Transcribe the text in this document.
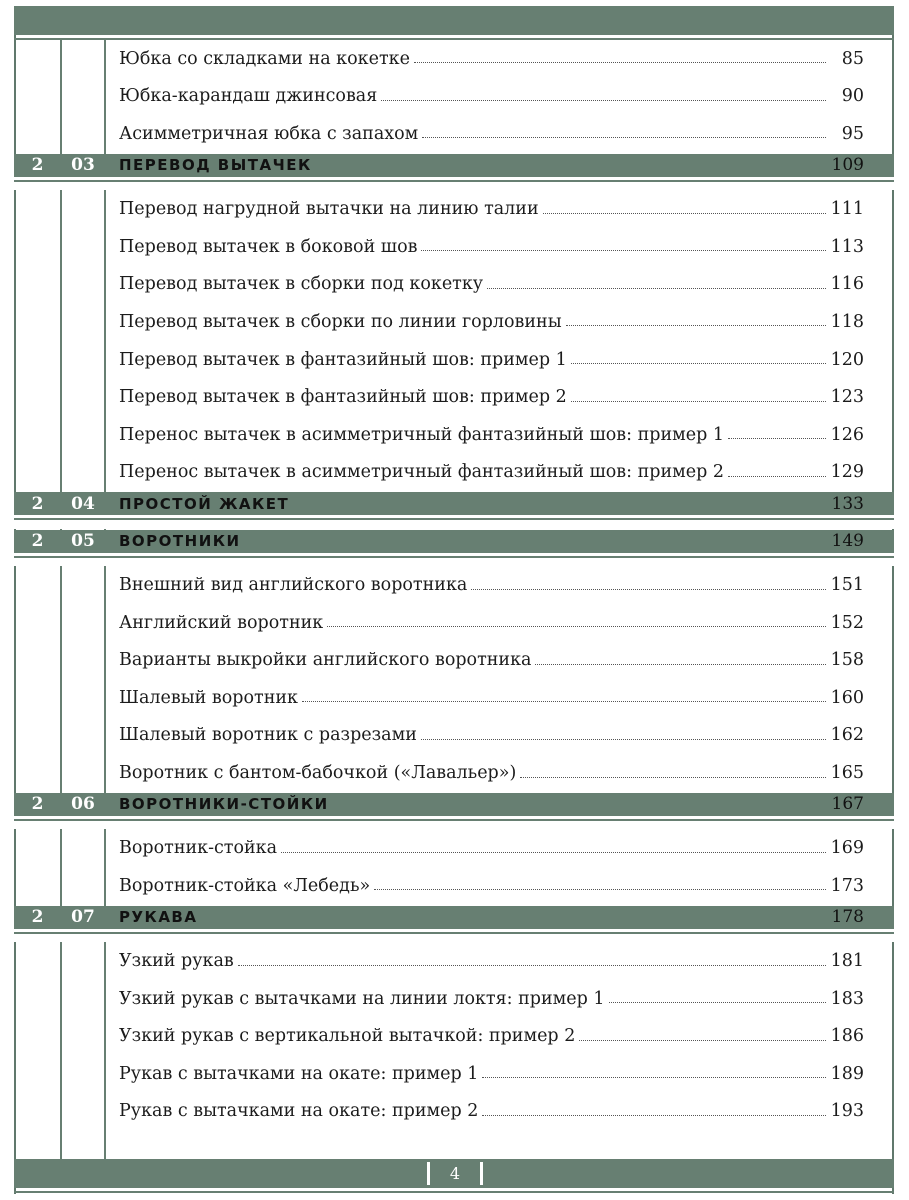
Юбка со складками на кокетке	85
Юбка-карандаш джинсовая	90
Асимметричная юбка с запахом	95
2	03	ПЕРЕВОД ВЫТАЧЕК	109
Перевод нагрудной вытачки на линию талии	111
Перевод вытачек в боковой шов	113
Перевод вытачек в сборки под кокетку	116
Перевод вытачек в сборки по линии горловины	118
Перевод вытачек в фантазийный шов: пример 1	120
Перевод вытачек в фантазийный шов: пример 2	123
Перенос вытачек в асимметричный фантазийный шов: пример 1	126
Перенос вытачек в асимметричный фантазийный шов: пример 2	129
2	04	ПРОСТОЙ ЖАКЕТ	133
2	05	ВОРОТНИКИ	149
Внешний вид английского воротника	151
Английский воротник	152
Варианты выкройки английского воротника	158
Шалевый воротник	160
Шалевый воротник с разрезами	162
Воротник с бантом-бабочкой («Лавальер»)	165
2	06	ВОРОТНИКИ-СТОЙКИ	167
Воротник-стойка	169
Воротник-стойка «Лебедь»	173
2	07	РУКАВА	178
Узкий рукав	181
Узкий рукав с вытачками на линии локтя: пример 1	183
Узкий рукав с вертикальной вытачкой: пример 2	186
Рукав с вытачками на окате: пример 1	189
Рукав с вытачками на окате: пример 2	193
4
